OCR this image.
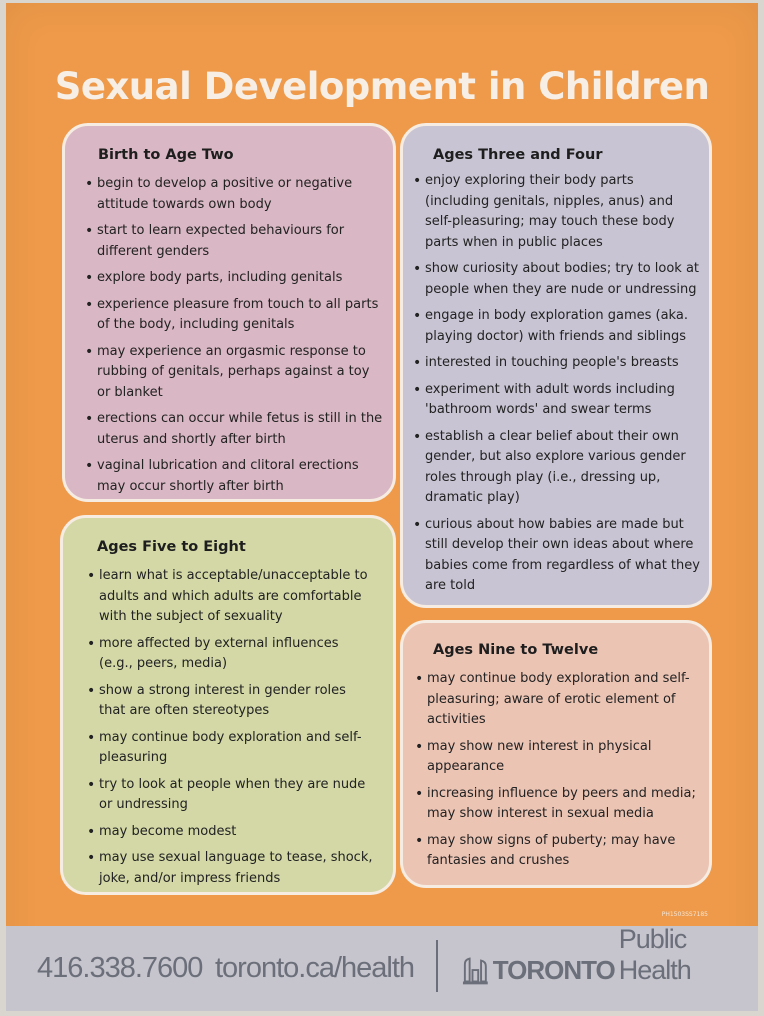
Sexual Development in Children
Birth to Age Two
• begin to develop a positive or negative attitude towards own body
• start to learn expected behaviours for different genders
• explore body parts, including genitals
• experience pleasure from touch to all parts of the body, including genitals
• may experience an orgasmic response to rubbing of genitals, perhaps against a toy or blanket
• erections can occur while fetus is still in the uterus and shortly after birth
• vaginal lubrication and clitoral erections may occur shortly after birth
Ages Three and Four
• enjoy exploring their body parts (including genitals, nipples, anus) and self-pleasuring; may touch these body parts when in public places
• show curiosity about bodies; try to look at people when they are nude or undressing
• engage in body exploration games (aka. playing doctor) with friends and siblings
• interested in touching people's breasts
• experiment with adult words including 'bathroom words' and swear terms
• establish a clear belief about their own gender, but also explore various gender roles through play (i.e., dressing up, dramatic play)
• curious about how babies are made but still develop their own ideas about where babies come from regardless of what they are told
Ages Five to Eight
• learn what is acceptable/unacceptable to adults and which adults are comfortable with the subject of sexuality
• more affected by external influences (e.g., peers, media)
• show a strong interest in gender roles that are often stereotypes
• may continue body exploration and self-pleasuring
• try to look at people when they are nude or undressing
• may become modest
• may use sexual language to tease, shock, joke, and/or impress friends
Ages Nine to Twelve
• may continue body exploration and self-pleasuring; aware of erotic element of activities
• may show new interest in physical appearance
• increasing influence by peers and media; may show interest in sexual media
• may show signs of puberty; may have fantasies and crushes
PH1503SS7185
416.338.7600 toronto.ca/health	TORONTO
Public Health
